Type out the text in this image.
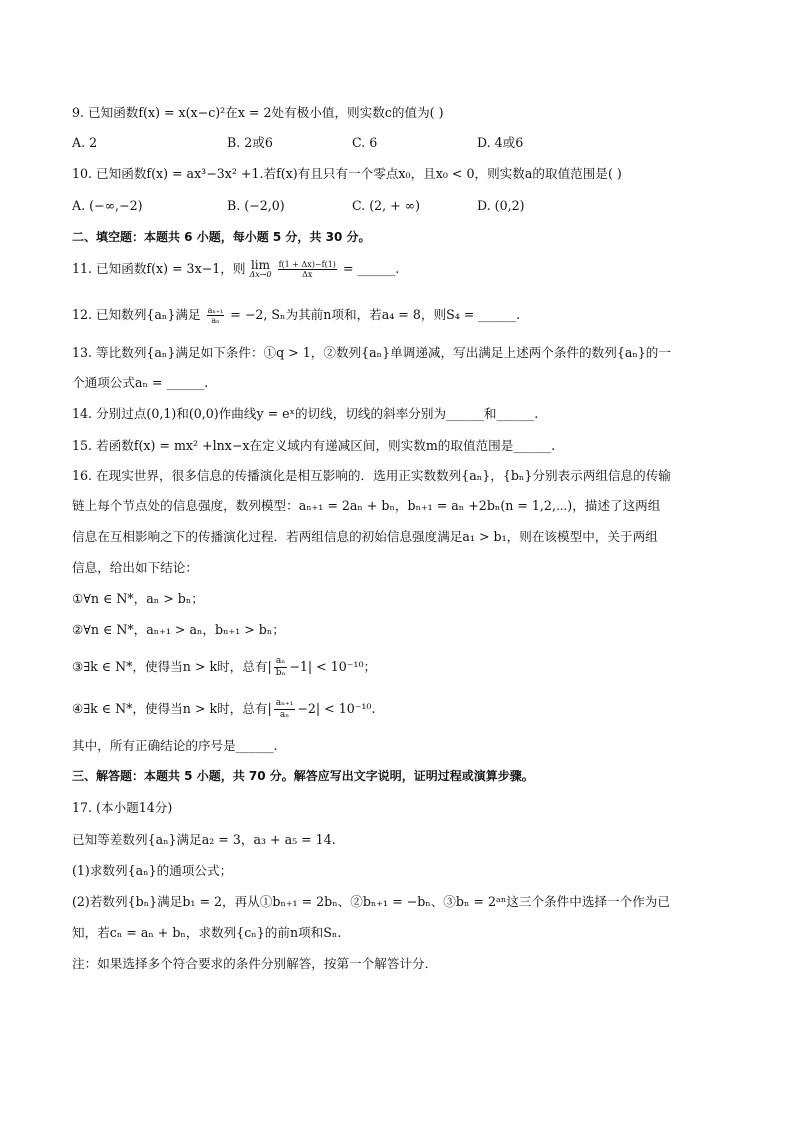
9. 已知函数f(x) = x(x−c)²在x = 2处有极小值，则实数c的值为( )
A. 2	B. 2或6	C. 6	D. 4或6
10. 已知函数f(x) = ax³−3x² +1.若f(x)有且只有一个零点x₀，且x₀ < 0，则实数a的取值范围是( )
A. (−∞,−2)	B. (−2,0)	C. (2, + ∞)	D. (0,2)
二、填空题：本题共 6 小题，每小题 5 分，共 30 分。
11. 已知函数f(x) = 3x−1，则 lim
Δx→0
$\frac{f(1 + \Delta x)-f(1)}{\Delta x}$ = ______.
12. 已知数列{aₙ}满足 $\frac{\text{aₙ₊₁}}{\text{aₙ}} = -2$, Sₙ为其前n项和，若a₄ = 8，则S₄ = ______.
13. 等比数列{aₙ}满足如下条件：①q > 1，②数列{aₙ}单调递减，写出满足上述两个条件的数列{aₙ}的一
个通项公式aₙ = ______.
14. 分别过点(0,1)和(0,0)作曲线y = eˣ的切线，切线的斜率分别为______和______.
15. 若函数f(x) = mx² +lnx−x在定义域内有递减区间，则实数m的取值范围是______.
16. 在现实世界，很多信息的传播演化是相互影响的．选用正实数数列{aₙ}，{bₙ}分别表示两组信息的传输
链上每个节点处的信息强度，数列模型：aₙ₊₁ = 2aₙ + bₙ，bₙ₊₁ = aₙ +2bₙ(n = 1,2,⋯)，描述了这两组
信息在互相影响之下的传播演化过程．若两组信息的初始信息强度满足a₁ > b₁，则在该模型中，关于两组
信息，给出如下结论：
①∀n ∈ N*，aₙ > bₙ；
②∀n ∈ N*，aₙ₊₁ > aₙ，bₙ₊₁ > bₙ；
③∃k ∈ N*，使得当n > k时，总有| $\frac{\text{aₙ}}{\text{bₙ}} -1| < 10^{-10}$；
④∃k ∈ N*，使得当n > k时，总有| $\frac{\text{aₙ₊₁}}{\text{aₙ}} -2| < 10^{-10}$.
其中，所有正确结论的序号是______.
三、解答题：本题共 5 小题，共 70 分。解答应写出文字说明，证明过程或演算步骤。
17. (本小题14分)
已知等差数列{aₙ}满足a₂ = 3，a₃ + a₅ = 14.
(1)求数列{aₙ}的通项公式；
(2)若数列{bₙ}满足b₁ = 2，再从①bₙ₊₁ = 2bₙ、②bₙ₊₁ = −bₙ、③bₙ = 2ᵃⁿ这三个条件中选择一个作为已
知，若cₙ = aₙ + bₙ，求数列{cₙ}的前n项和Sₙ.
注：如果选择多个符合要求的条件分别解答，按第一个解答计分．
